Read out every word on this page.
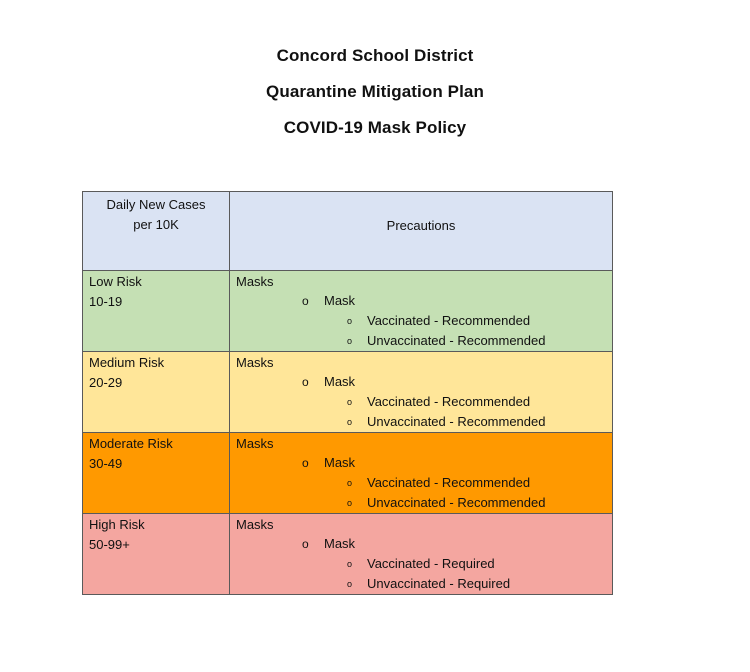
Concord School District
Quarantine Mitigation Plan
COVID-19 Mask Policy
Daily New Cases
per 10K	Precautions

Low Risk
10-19	Masks
o Mask
o Vaccinated - Recommended
o Unvaccinated - Recommended

Medium Risk
20-29	Masks
o Mask
o Vaccinated - Recommended
o Unvaccinated - Recommended

Moderate Risk
30-49	Masks
o Mask
o Vaccinated - Recommended
o Unvaccinated - Recommended

High Risk
50-99+	Masks
o Mask
o Vaccinated - Required
o Unvaccinated - Required
